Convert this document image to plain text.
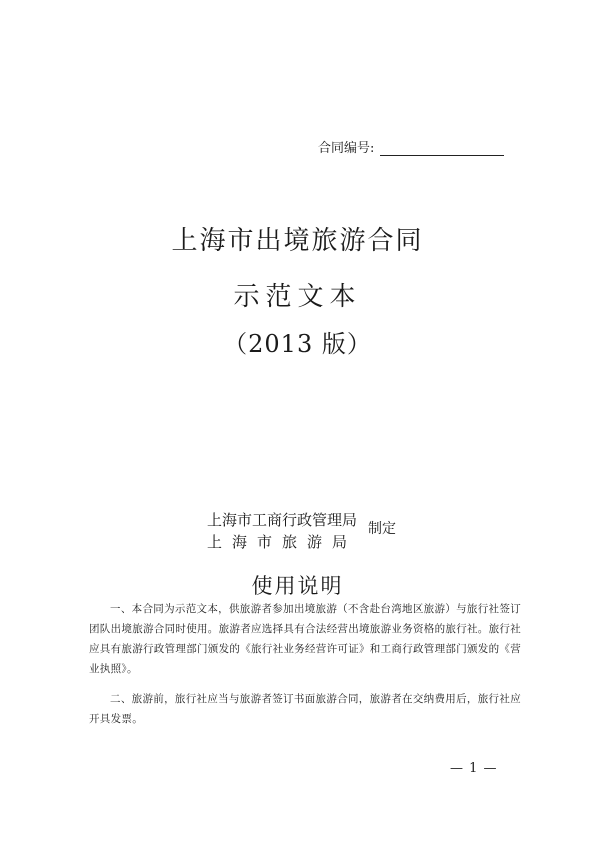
合同编号:
上海市出境旅游合同
示范文本
（2013 版）
上海市工商行政管理局
上海市旅游局
制定
使用说明
一、本合同为示范文本，供旅游者参加出境旅游（不含赴台湾地区旅游）与旅行社签订团队出境旅游合同时使用。旅游者应选择具有合法经营出境旅游业务资格的旅行社。旅行社应具有旅游行政管理部门颁发的《旅行社业务经营许可证》和工商行政管理部门颁发的《营业执照》。
二、旅游前，旅行社应当与旅游者签订书面旅游合同，旅游者在交纳费用后，旅行社应开具发票。
— 1 —
